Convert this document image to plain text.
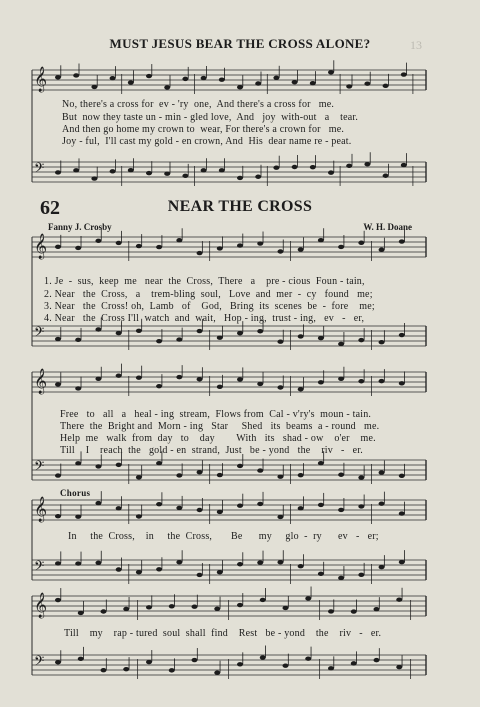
13
MUST JESUS BEAR THE CROSS ALONE?
No, there's a cross for  ev - 'ry  one,  And there's a cross for   me.
But  now they taste un - min - gled love,  And   joy  with-out   a    tear.
And then go home my crown to  wear, For there's a crown for   me.
Joy - ful,  I'll cast my gold - en crown, And  His  dear name re - peat.
62	NEAR THE CROSS
Fanny J. Crosby	W. H. Doane
1. Je  -  sus,  keep  me   near  the  Cross,  There   a    pre - cious  Foun - tain,
2. Near   the  Cross,   a    trem-bling  soul,   Love  and  mer  -  cy   found   me;
3. Near   the  Cross! oh,  Lamb   of    God,   Bring  its  scenes  be  -  fore    me;
4. Near   the  Cross I'll  watch  and  wait,   Hop - ing,  trust - ing,   ev   -   er,
Free   to   all   a   heal - ing  stream,  Flows from  Cal - v'ry's  moun - tain.
There  the  Bright and  Morn - ing   Star     Shed   its  beams  a - round   me.
Help  me   walk  from  day   to    day        With   its   shad - ow    o'er    me.
Till    I    reach  the   gold - en  strand,  Just   be - yond   the    riv   -   er.
Chorus
In     the  Cross,    in     the  Cross,       Be      my     glo  -  ry      ev   -   er;
Till    my    rap - tured  soul  shall  find    Rest   be - yond    the    riv   -   er.
𝄞
𝄢
𝄞
𝄢
𝄞
𝄢
𝄞
𝄢
𝄞
𝄢
